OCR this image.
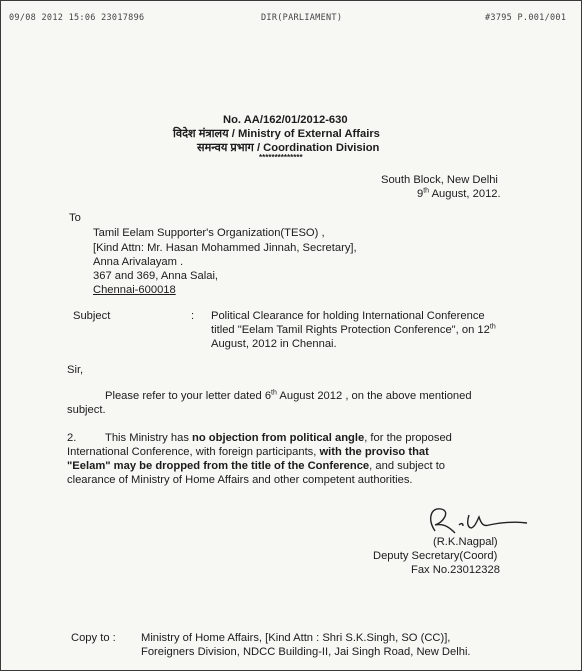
09/08 2012 15:06 23017896	DIR(PARLIAMENT)	#3795 P.001/001
No. AA/162/01/2012-630
विदेश मंत्रालय / Ministry of External Affairs
समन्वय प्रभाग / Coordination Division
**************
South Block, New Delhi
9th August, 2012.
To
Tamil Eelam Supporter's Organization(TESO) ,
[Kind Attn: Mr. Hasan Mohammed Jinnah, Secretary],
Anna Arivalayam .
367 and 369, Anna Salai,
Chennai-600018
Subject	: Political Clearance for holding International Conference
titled "Eelam Tamil Rights Protection Conference", on 12th
August, 2012 in Chennai.
Sir,
Please refer to your letter dated 6th August 2012 , on the above mentioned
subject.
2.	This Ministry has no objection from political angle, for the proposed
International Conference, with foreign participants, with the proviso that
"Eelam" may be dropped from the title of the Conference, and subject to
clearance of Ministry of Home Affairs and other competent authorities.
(R.K.Nagpal)
Deputy Secretary(Coord)
Fax No.23012328
Copy to : Ministry of Home Affairs, [Kind Attn : Shri S.K.Singh, SO (CC)],
Foreigners Division, NDCC Building-II, Jai Singh Road, New Delhi.
